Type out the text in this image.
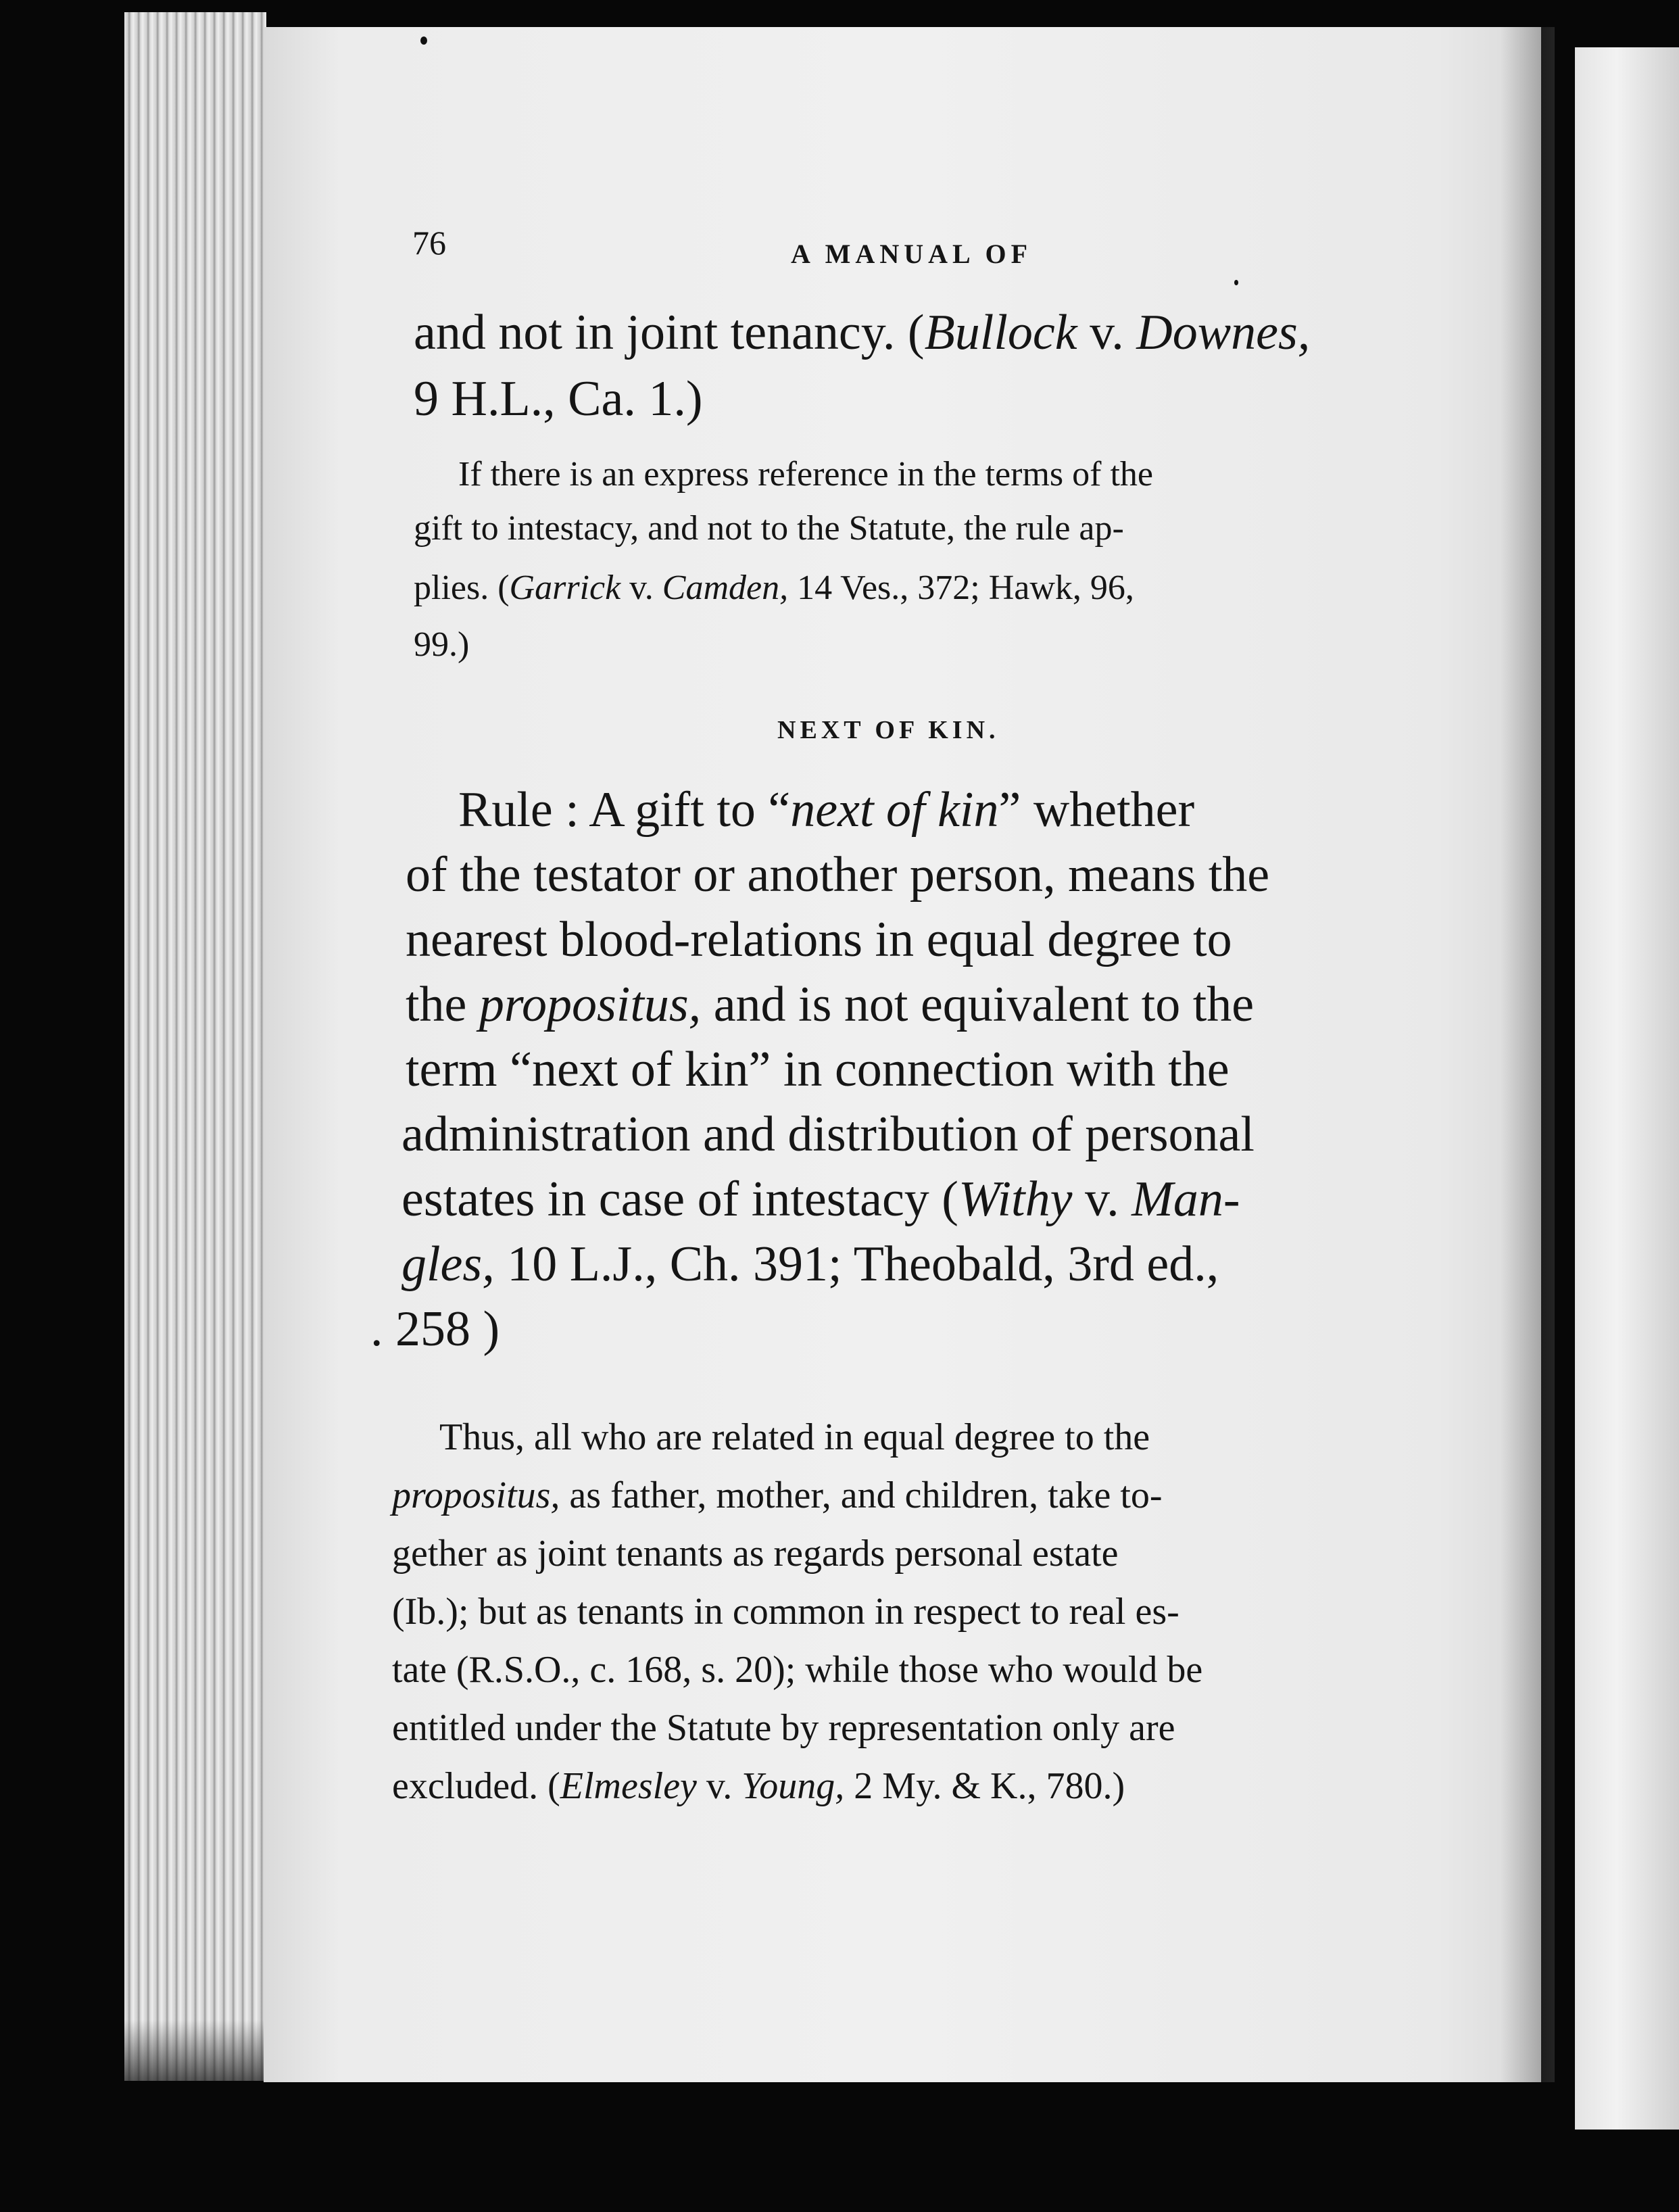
76	A MANUAL OF

and not in joint tenancy. (Bullock v. Downes,

9 H.L., Ca. 1.)

If there is an express reference in the terms of the

gift to intestacy, and not to the Statute, the rule ap-

plies. (Garrick v. Camden, 14 Ves., 372; Hawk, 96,

99.)

NEXT OF KIN.

Rule : A gift to “next of kin” whether

of the testator or another person, means the

nearest blood-relations in equal degree to

the propositus, and is not equivalent to the

term “next of kin” in connection with the

administration and distribution of personal

estates in case of intestacy (Withy v. Man-

gles, 10 L.J., Ch. 391; Theobald, 3rd ed.,

. 258 )

Thus, all who are related in equal degree to the

propositus, as father, mother, and children, take to-

gether as joint tenants as regards personal estate

(Ib.); but as tenants in common in respect to real es-

tate (R.S.O., c. 168, s. 20); while those who would be

entitled under the Statute by representation only are

excluded. (Elmesley v. Young, 2 My. & K., 780.)
